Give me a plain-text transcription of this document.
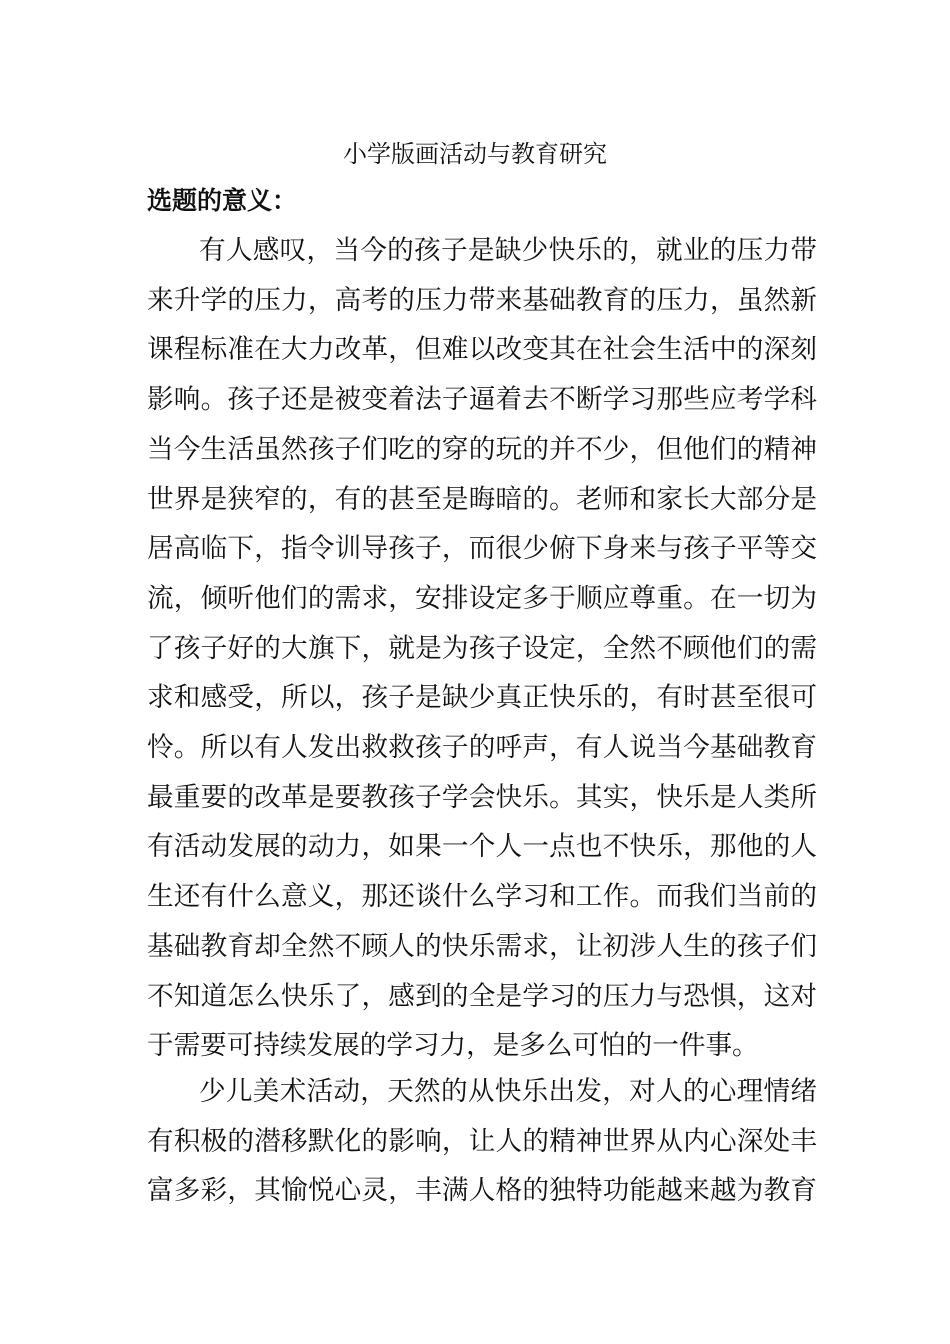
小学版画活动与教育研究
选题的意义：
有人感叹，当今的孩子是缺少快乐的，就业的压力带
来升学的压力，高考的压力带来基础教育的压力，虽然新
课程标准在大力改革，但难以改变其在社会生活中的深刻
影响。孩子还是被变着法子逼着去不断学习那些应考学科
当今生活虽然孩子们吃的穿的玩的并不少，但他们的精神
世界是狭窄的，有的甚至是晦暗的。老师和家长大部分是
居高临下，指令训导孩子，而很少俯下身来与孩子平等交
流，倾听他们的需求，安排设定多于顺应尊重。在一切为
了孩子好的大旗下，就是为孩子设定，全然不顾他们的需
求和感受，所以，孩子是缺少真正快乐的，有时甚至很可
怜。所以有人发出救救孩子的呼声，有人说当今基础教育
最重要的改革是要教孩子学会快乐。其实，快乐是人类所
有活动发展的动力，如果一个人一点也不快乐，那他的人
生还有什么意义，那还谈什么学习和工作。而我们当前的
基础教育却全然不顾人的快乐需求，让初涉人生的孩子们
不知道怎么快乐了，感到的全是学习的压力与恐惧，这对
于需要可持续发展的学习力，是多么可怕的一件事。
少儿美术活动，天然的从快乐出发，对人的心理情绪
有积极的潜移默化的影响，让人的精神世界从内心深处丰
富多彩，其愉悦心灵，丰满人格的独特功能越来越为教育
